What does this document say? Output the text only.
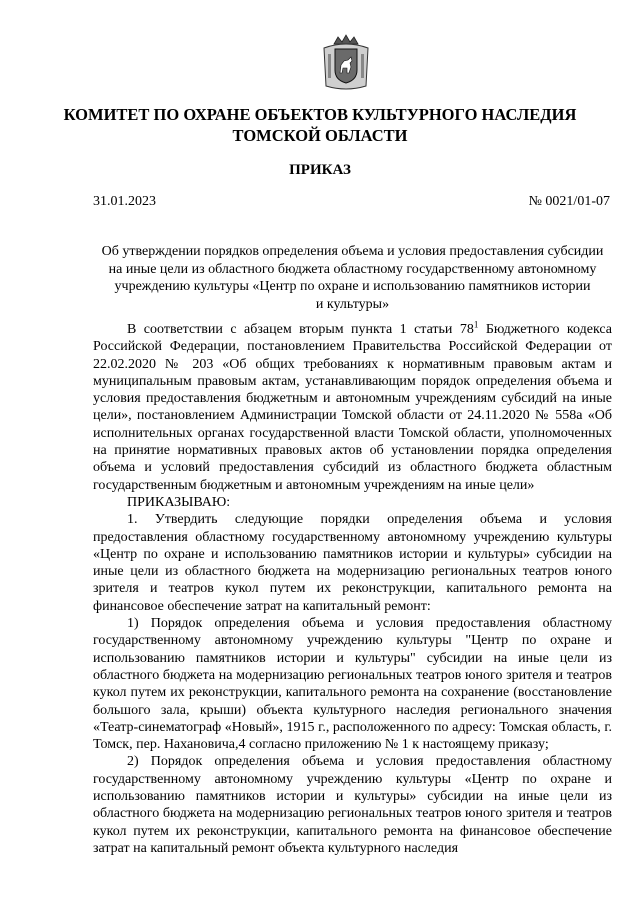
КОМИТЕТ ПО ОХРАНЕ ОБЪЕКТОВ КУЛЬТУРНОГО НАСЛЕДИЯ

ТОМСКОЙ ОБЛАСТИ

ПРИКАЗ

31.01.2023	№ 0021/01-07

Об утверждении порядков определения объема и условия предоставления субсидии
на иные цели из областного бюджета областному государственному автономному
учреждению культуры «Центр по охране и использованию памятников истории
и культуры»

В соответствии с абзацем вторым пункта 1 статьи $78^1$ Бюджетного кодекса Российской Федерации, постановлением Правительства Российской Федерации от 22.02.2020 № 203 «Об общих требованиях к нормативным правовым актам и муниципальным правовым актам, устанавливающим порядок определения объема и условия предоставления бюджетным и автономным учреждениям субсидий на иные цели», постановлением Администрации Томской области от 24.11.2020 № 558а «Об исполнительных органах государственной власти Томской области, уполномоченных на принятие нормативных правовых актов об установлении порядка определения объема и условий предоставления субсидий из областного бюджета областным государственным бюджетным и автономным учреждениям на иные цели»

ПРИКАЗЫВАЮ:

1. Утвердить следующие порядки определения объема и условия предоставления областному государственному автономному учреждению культуры «Центр по охране и использованию памятников истории и культуры» субсидии на иные цели из областного бюджета на модернизацию региональных театров юного зрителя и театров кукол путем их реконструкции, капитального ремонта на финансовое обеспечение затрат на капитальный ремонт:

1) Порядок определения объема и условия предоставления областному государственному автономному учреждению культуры "Центр по охране и использованию памятников истории и культуры" субсидии на иные цели из областного бюджета на модернизацию региональных театров юного зрителя и театров кукол путем их реконструкции, капитального ремонта на сохранение (восстановление большого зала, крыши) объекта культурного наследия регионального значения «Театр-синематограф «Новый», 1915 г., расположенного по адресу: Томская область, г. Томск, пер. Нахановича,4 согласно приложению № 1 к настоящему приказу;

2) Порядок определения объема и условия предоставления областному государственному автономному учреждению культуры «Центр по охране и использованию памятников истории и культуры» субсидии на иные цели из областного бюджета на модернизацию региональных театров юного зрителя и театров кукол путем их реконструкции, капитального ремонта на финансовое обеспечение затрат на капитальный ремонт объекта культурного наследия
